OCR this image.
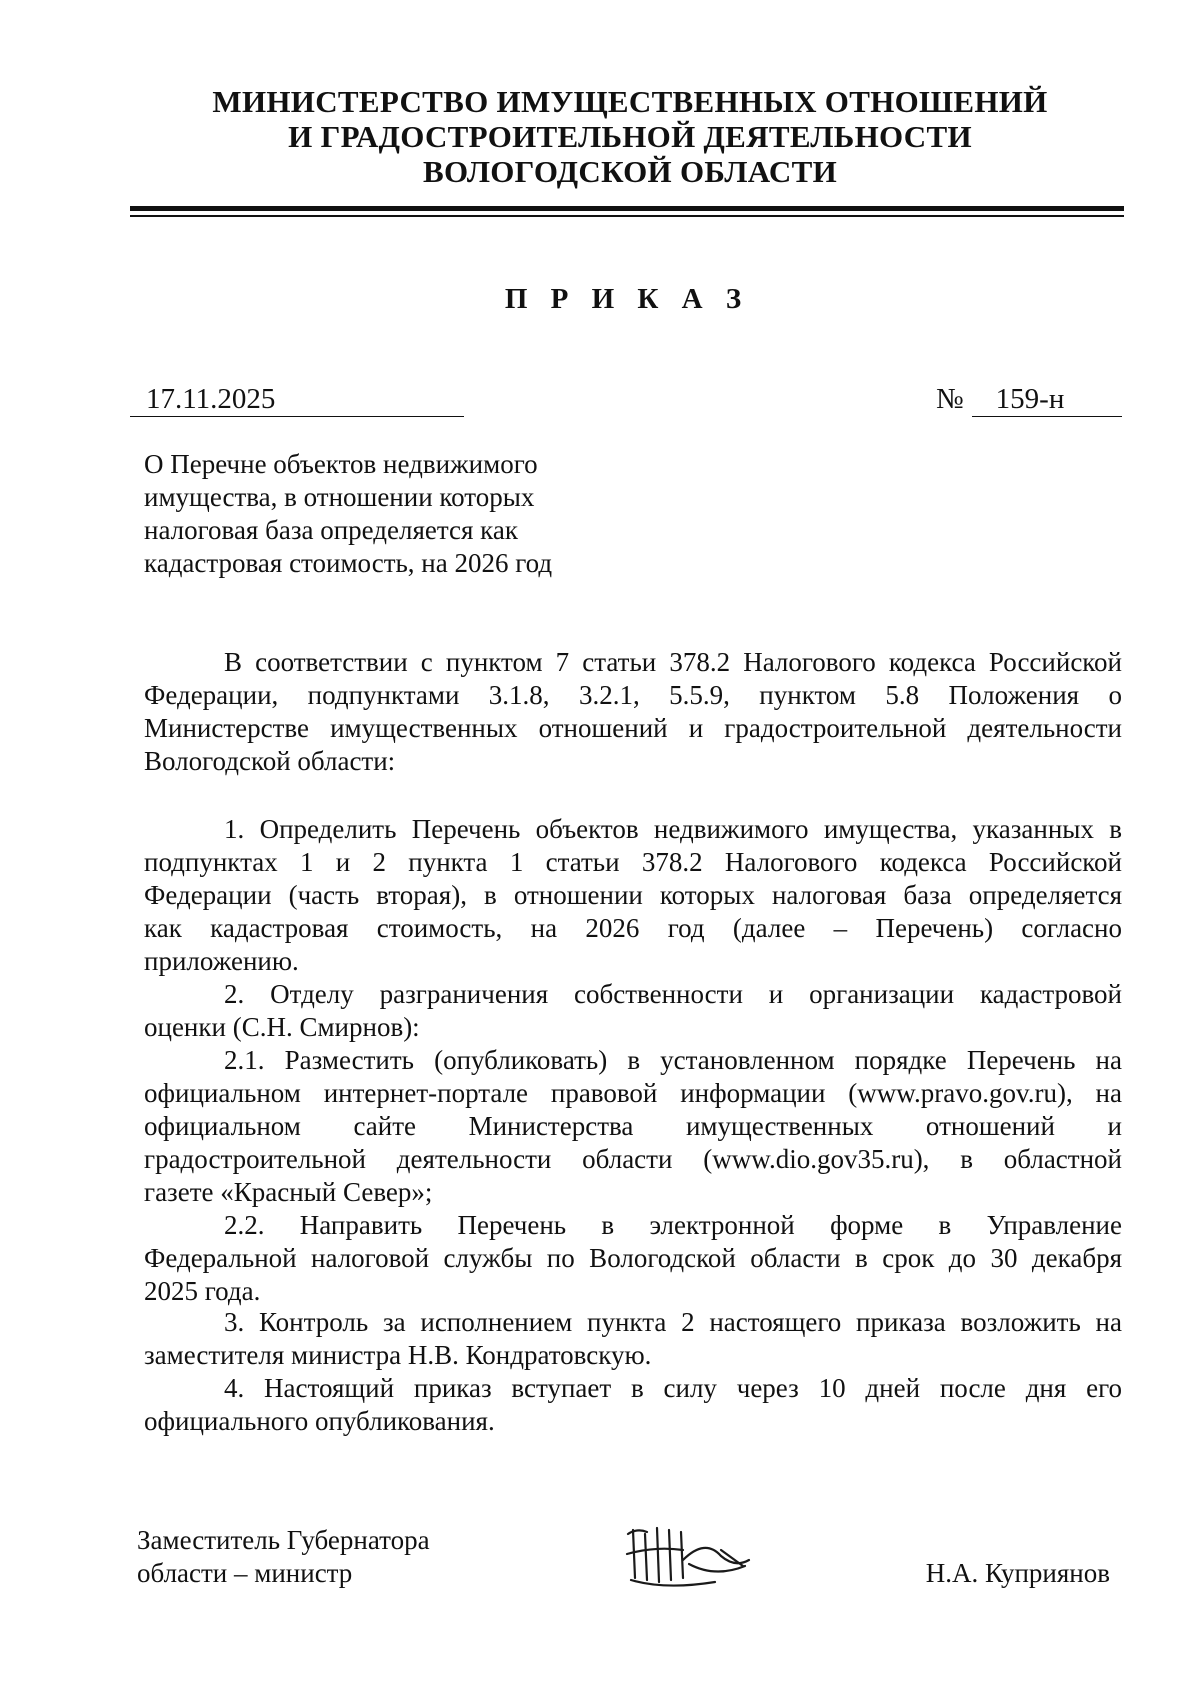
МИНИСТЕРСТВО ИМУЩЕСТВЕННЫХ ОТНОШЕНИЙ
И ГРАДОСТРОИТЕЛЬНОЙ ДЕЯТЕЛЬНОСТИ
ВОЛОГОДСКОЙ ОБЛАСТИ
П Р И К А З
17.11.2025	№ 159-н
О Перечне объектов недвижимого
имущества, в отношении которых
налоговая база определяется как
кадастровая стоимость, на 2026 год
В соответствии с пунктом 7 статьи 378.2 Налогового кодекса Российской
Федерации, подпунктами 3.1.8, 3.2.1, 5.5.9, пунктом 5.8 Положения о
Министерстве имущественных отношений и градостроительной деятельности
Вологодской области:
1. Определить Перечень объектов недвижимого имущества, указанных в
подпунктах 1 и 2 пункта 1 статьи 378.2 Налогового кодекса Российской
Федерации (часть вторая), в отношении которых налоговая база определяется
как кадастровая стоимость, на 2026 год (далее – Перечень) согласно
приложению.
2. Отделу разграничения собственности и организации кадастровой
оценки (С.Н. Смирнов):
2.1. Разместить (опубликовать) в установленном порядке Перечень на
официальном интернет-портале правовой информации (www.pravo.gov.ru), на
официальном сайте Министерства имущественных отношений и
градостроительной деятельности области (www.dio.gov35.ru), в областной
газете «Красный Север»;
2.2. Направить Перечень в электронной форме в Управление
Федеральной налоговой службы по Вологодской области в срок до 30 декабря
2025 года.
3. Контроль за исполнением пункта 2 настоящего приказа возложить на
заместителя министра Н.В. Кондратовскую.
4. Настоящий приказ вступает в силу через 10 дней после дня его
официального опубликования.
Заместитель Губернатора
области – министр	Н.А. Куприянов
